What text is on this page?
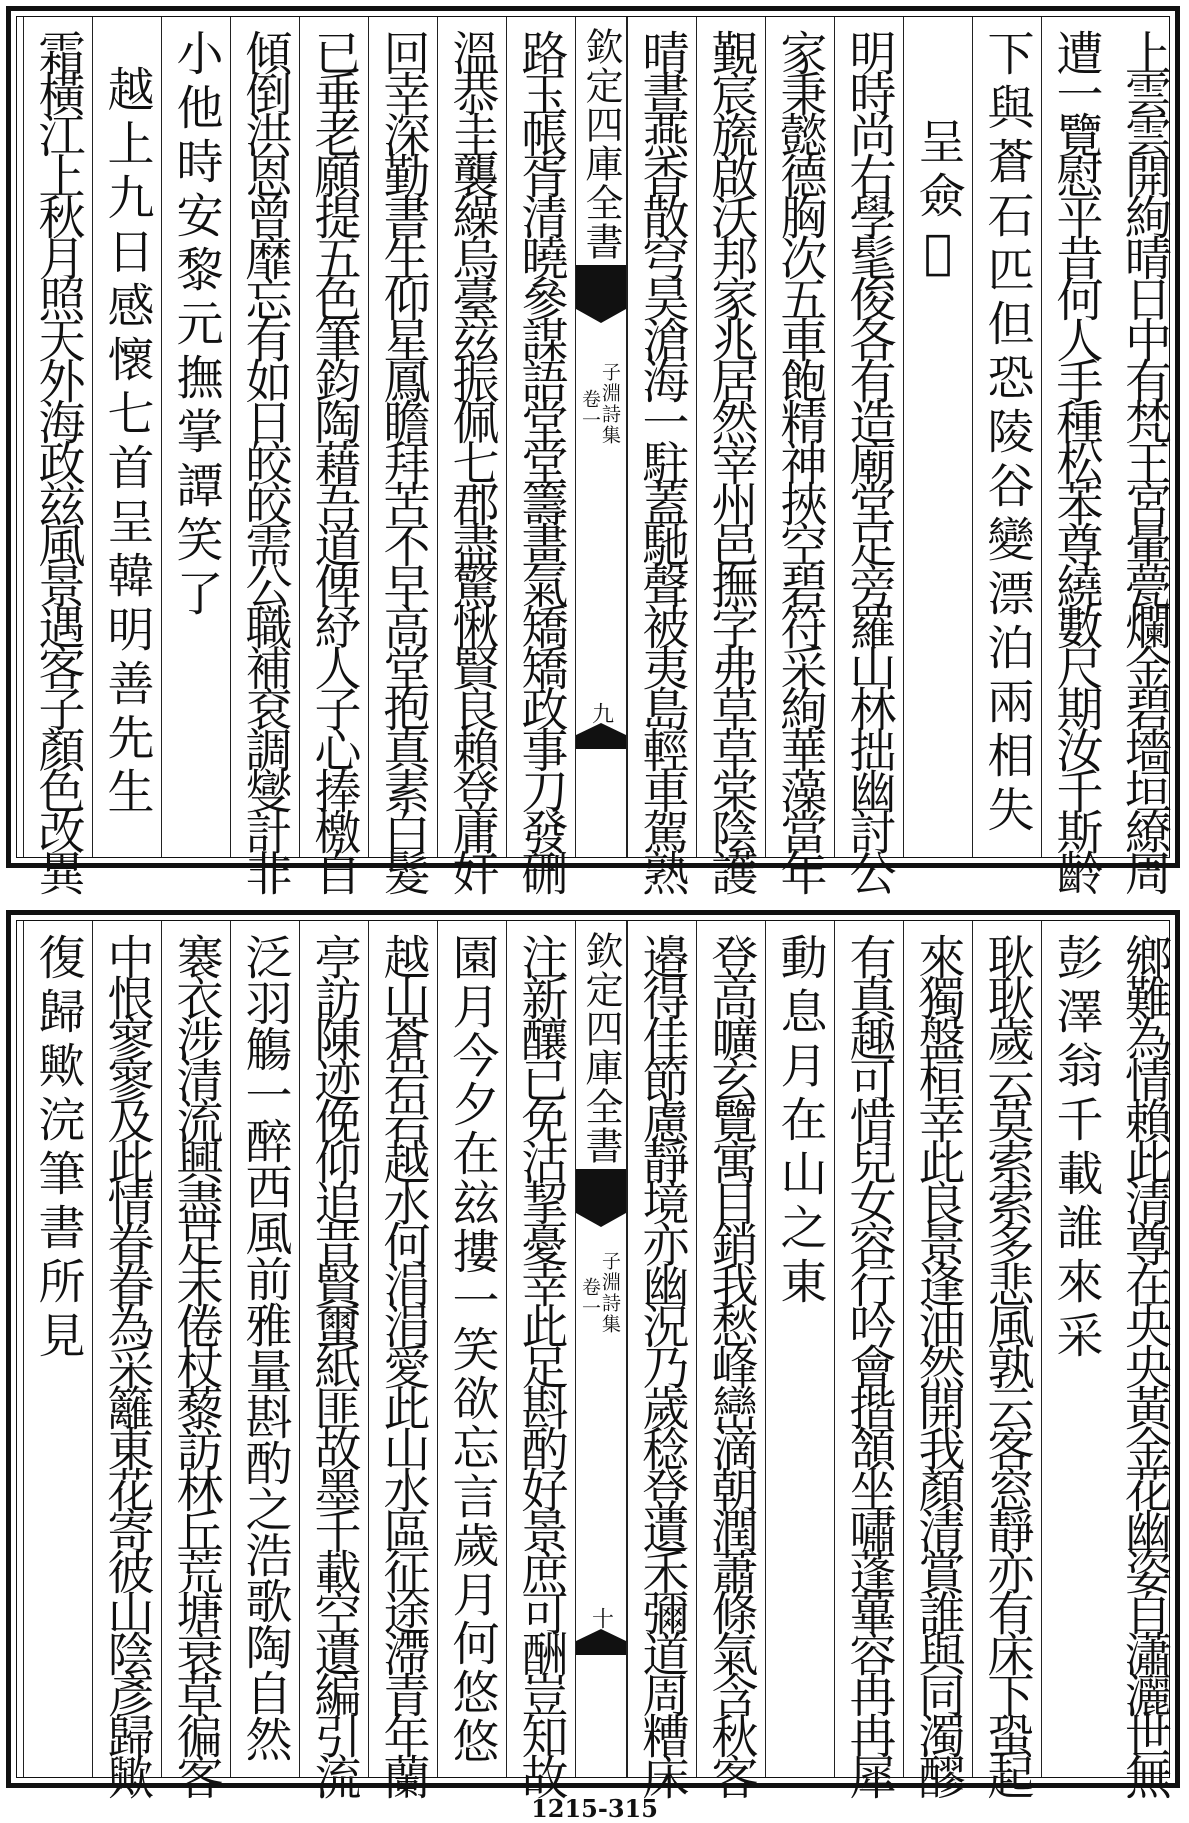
上雲雲開絢晴日中有梵王宮暈甍爛金碧墻垣繚周
遭一覽慰平昔何人手種松苯尊繞數尺期汝千斯齡
下與蒼石匹但恐陵谷變漂泊兩相失
呈僉𢃄
明時尚右學髦俊各有造廟堂足旁羅山林拙幽討公
家秉懿德胸次五車飽精神挾空碧符采絢華藻當年
覲宸旒啟沃邦家兆居然宰州邑撫字弗草草棠陰護
晴晝燕香散穹昊滄海一駐蓋馳聲被夷島輕車駕熟
欽定四庫全書
子淵詩集
卷一
九
路玉帳胥清曉參謀語堂堂籌畫氣矯矯政事刀發硎
溫恭圭襲繰烏臺玆振佩七郡盡驚愀賢良賴登庸奸
回幸深勤書生仰星鳳瞻拜苦不早高堂抱真素白髮
已垂老願提五色筆鈞陶藉吾道俾紓人子心捧檄自
傾倒洪恩曾靡忘有如日皎皎需公職補袞調燮計非
小他時安黎元撫掌譚笑了
越上九日感懷七首呈韓明善先生
霜橫江上秋月照天外海政玆風景遇客子顏色改異
鄉難為情賴此清尊在央央黃金花幽姿自瀟灑世無
彭澤翁千載誰來采
耿耿歲云莫索索多悲風孰云客窓靜亦有床下蛩起
來獨盤桓幸此良景逢油然開我顏清賞誰與同濁醪
有真趣可惜兒女容行吟會揩頷坐嘯蓬蓽容冉冉犀
動息月在山之東
登高曠玄覽寓目銷我愁峰巒滴朝潤蕭條氣含秋客
邉得佳節慮靜境亦幽況乃歲稔登遺禾彌道周糟床
欽定四庫全書
子淵詩集
卷一
十
注新釀已免沽挈憂幸此足斟酌好景庶可酬豈知故
園月今夕在玆摟一笑欲忘言歲月何悠悠
越山蒼岩岩越水何涓涓愛此山水區征途滯青年蘭
亭訪陳迹俛仰追昔賢蠒紙匪故墨千載空遺編引流
泛羽觴一醉西風前雅量斟酌之浩歌陶自然
褰衣涉清流興盡足未倦杖藜訪林丘荒塘衰草徧客
中恨寥寥及此情眷眷為采籬東花寄彼山陰彥歸歟
復歸歟浣筆書所見
1215-315
